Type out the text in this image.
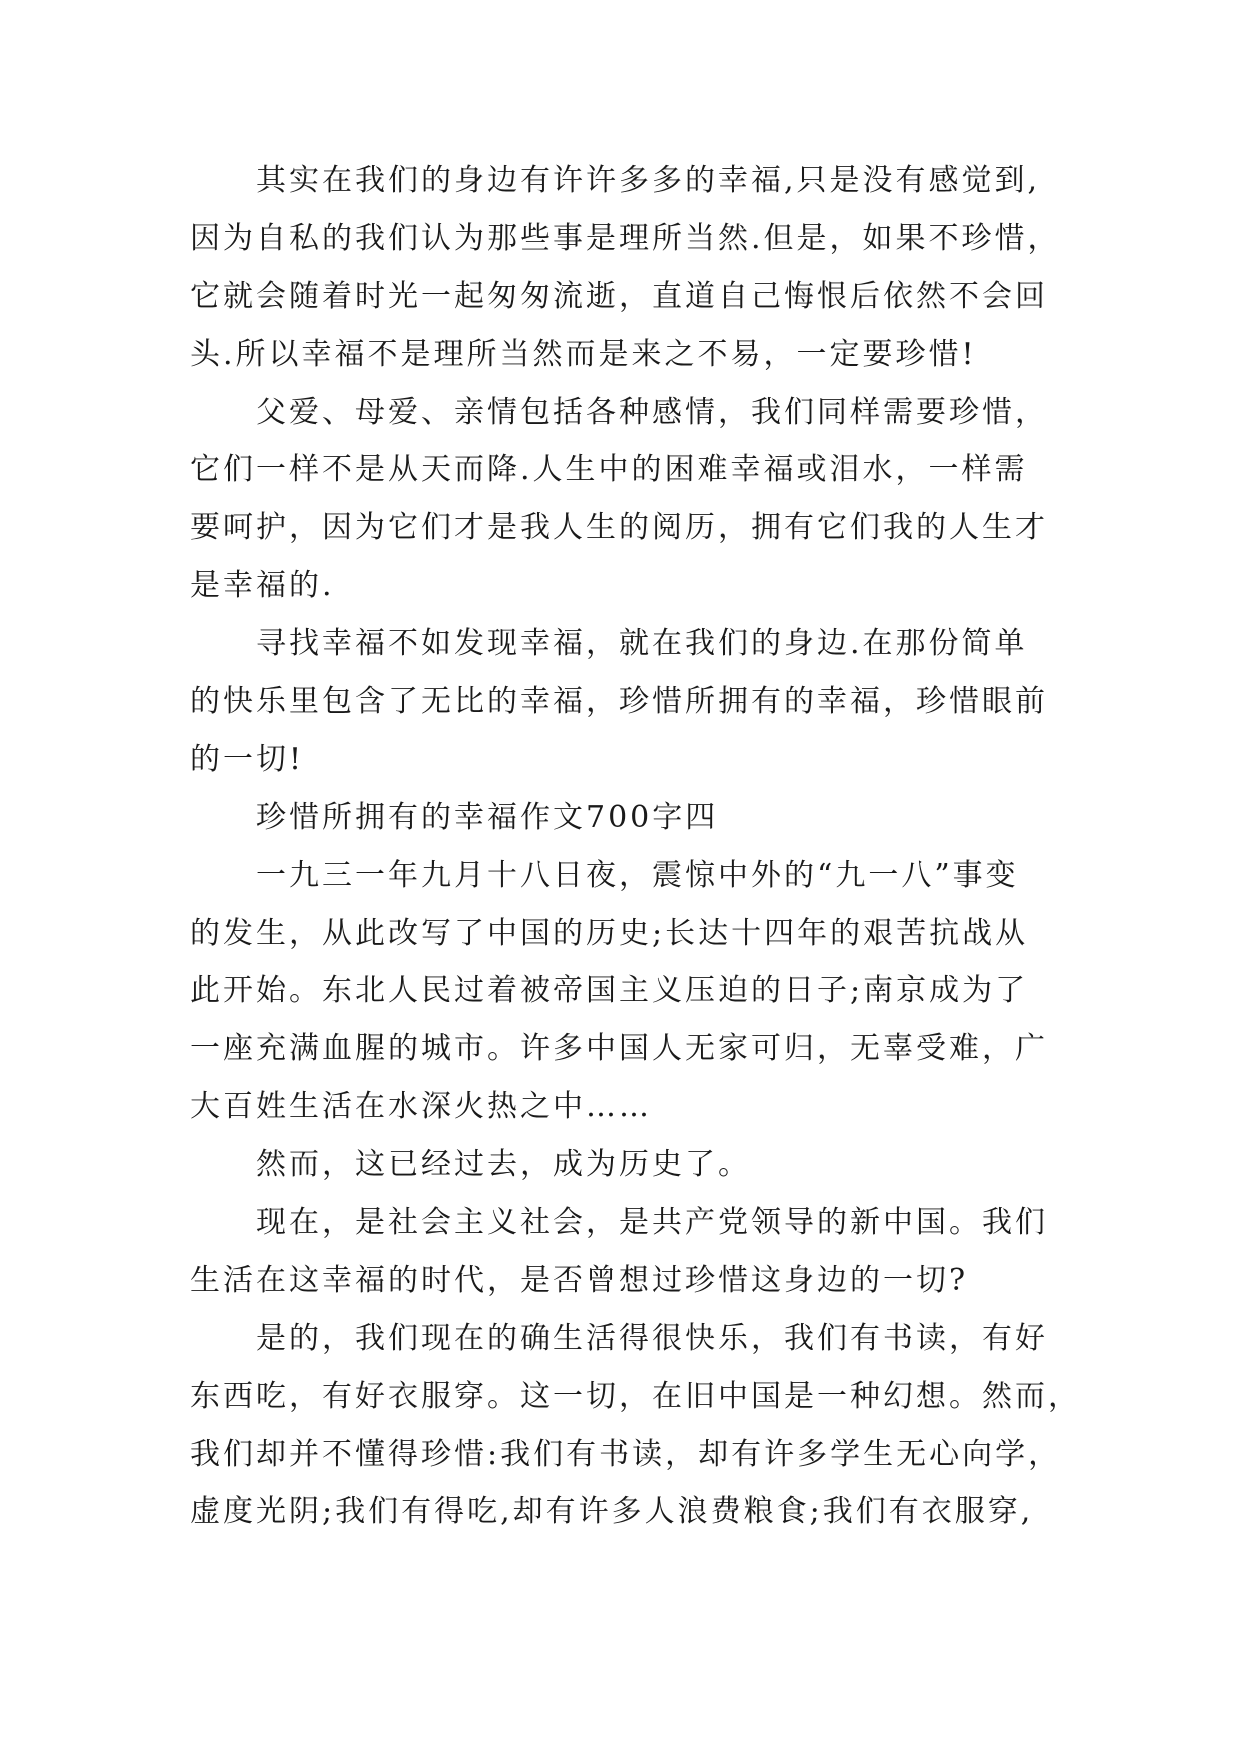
其实在我们的身边有许许多多的幸福,只是没有感觉到,
因为自私的我们认为那些事是理所当然.但是，如果不珍惜，
它就会随着时光一起匆匆流逝，直道自己悔恨后依然不会回
头.所以幸福不是理所当然而是来之不易，一定要珍惜!
父爱、母爱、亲情包括各种感情，我们同样需要珍惜，
它们一样不是从天而降.人生中的困难幸福或泪水，一样需
要呵护，因为它们才是我人生的阅历，拥有它们我的人生才
是幸福的.
寻找幸福不如发现幸福，就在我们的身边.在那份简单
的快乐里包含了无比的幸福，珍惜所拥有的幸福，珍惜眼前
的一切!
珍惜所拥有的幸福作文700字四
一九三一年九月十八日夜，震惊中外的“九一八”事变
的发生，从此改写了中国的历史;长达十四年的艰苦抗战从
此开始。东北人民过着被帝国主义压迫的日子;南京成为了
一座充满血腥的城市。许多中国人无家可归，无辜受难，广
大百姓生活在水深火热之中……
然而，这已经过去，成为历史了。
现在，是社会主义社会，是共产党领导的新中国。我们
生活在这幸福的时代，是否曾想过珍惜这身边的一切?
是的，我们现在的确生活得很快乐，我们有书读，有好
东西吃，有好衣服穿。这一切，在旧中国是一种幻想。然而，
我们却并不懂得珍惜:我们有书读，却有许多学生无心向学，
虚度光阴;我们有得吃,却有许多人浪费粮食;我们有衣服穿,
